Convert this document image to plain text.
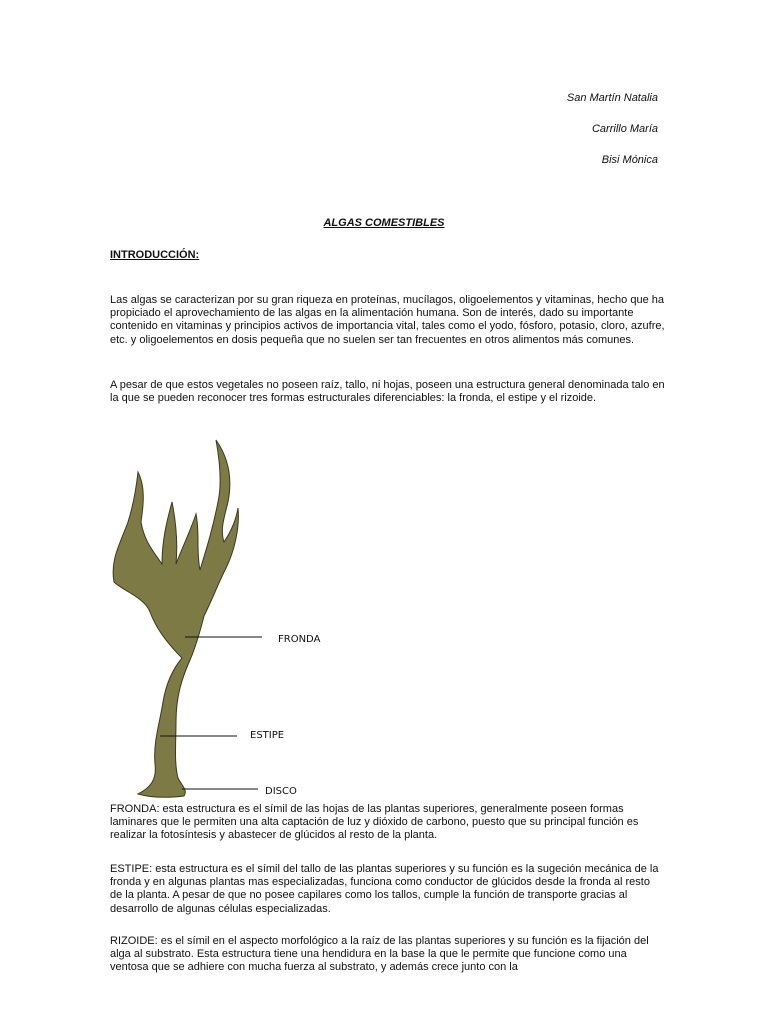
San Martín Natalia
Carrillo María
Bisi Mónica
ALGAS COMESTIBLES
INTRODUCCIÓN:

Las algas se caracterizan por su gran riqueza en proteínas, mucílagos, oligoelementos y vitaminas, hecho que ha propiciado el aprovechamiento de las algas en la alimentación humana. Son de interés, dado su importante contenido en vitaminas y principios activos de importancia vital, tales como el yodo, fósforo, potasio, cloro, azufre, etc. y oligoelementos en dosis pequeña que no suelen ser tan frecuentes en otros alimentos más comunes.

A pesar de que estos vegetales no poseen raíz, tallo, ni hojas, poseen una estructura general denominada talo en la que se pueden reconocer tres formas estructurales diferenciables: la fronda, el estipe y el rizoide.

FRONDA
ESTIPE
DISCO

FRONDA: esta estructura es el símil de las hojas de las plantas superiores, generalmente poseen formas laminares que le permiten una alta captación de luz y dióxido de carbono, puesto que su principal función es realizar la fotosíntesis y abastecer de glúcidos al resto de la planta.

ESTIPE: esta estructura es el símil del tallo de las plantas superiores y su función es la sugeción mecánica de la fronda y en algunas plantas mas especializadas, funciona como conductor de glúcidos desde la fronda al resto de la planta. A pesar de que no posee capilares como los tallos, cumple la función de transporte gracias al desarrollo de algunas células especializadas.

RIZOIDE: es el símil en el aspecto morfológico a la raíz de las plantas superiores y su función es la fijación del alga al substrato. Esta estructura tiene una hendidura en la base la que le permite que funcione como una ventosa que se adhiere con mucha fuerza al substrato, y además crece junto con la
